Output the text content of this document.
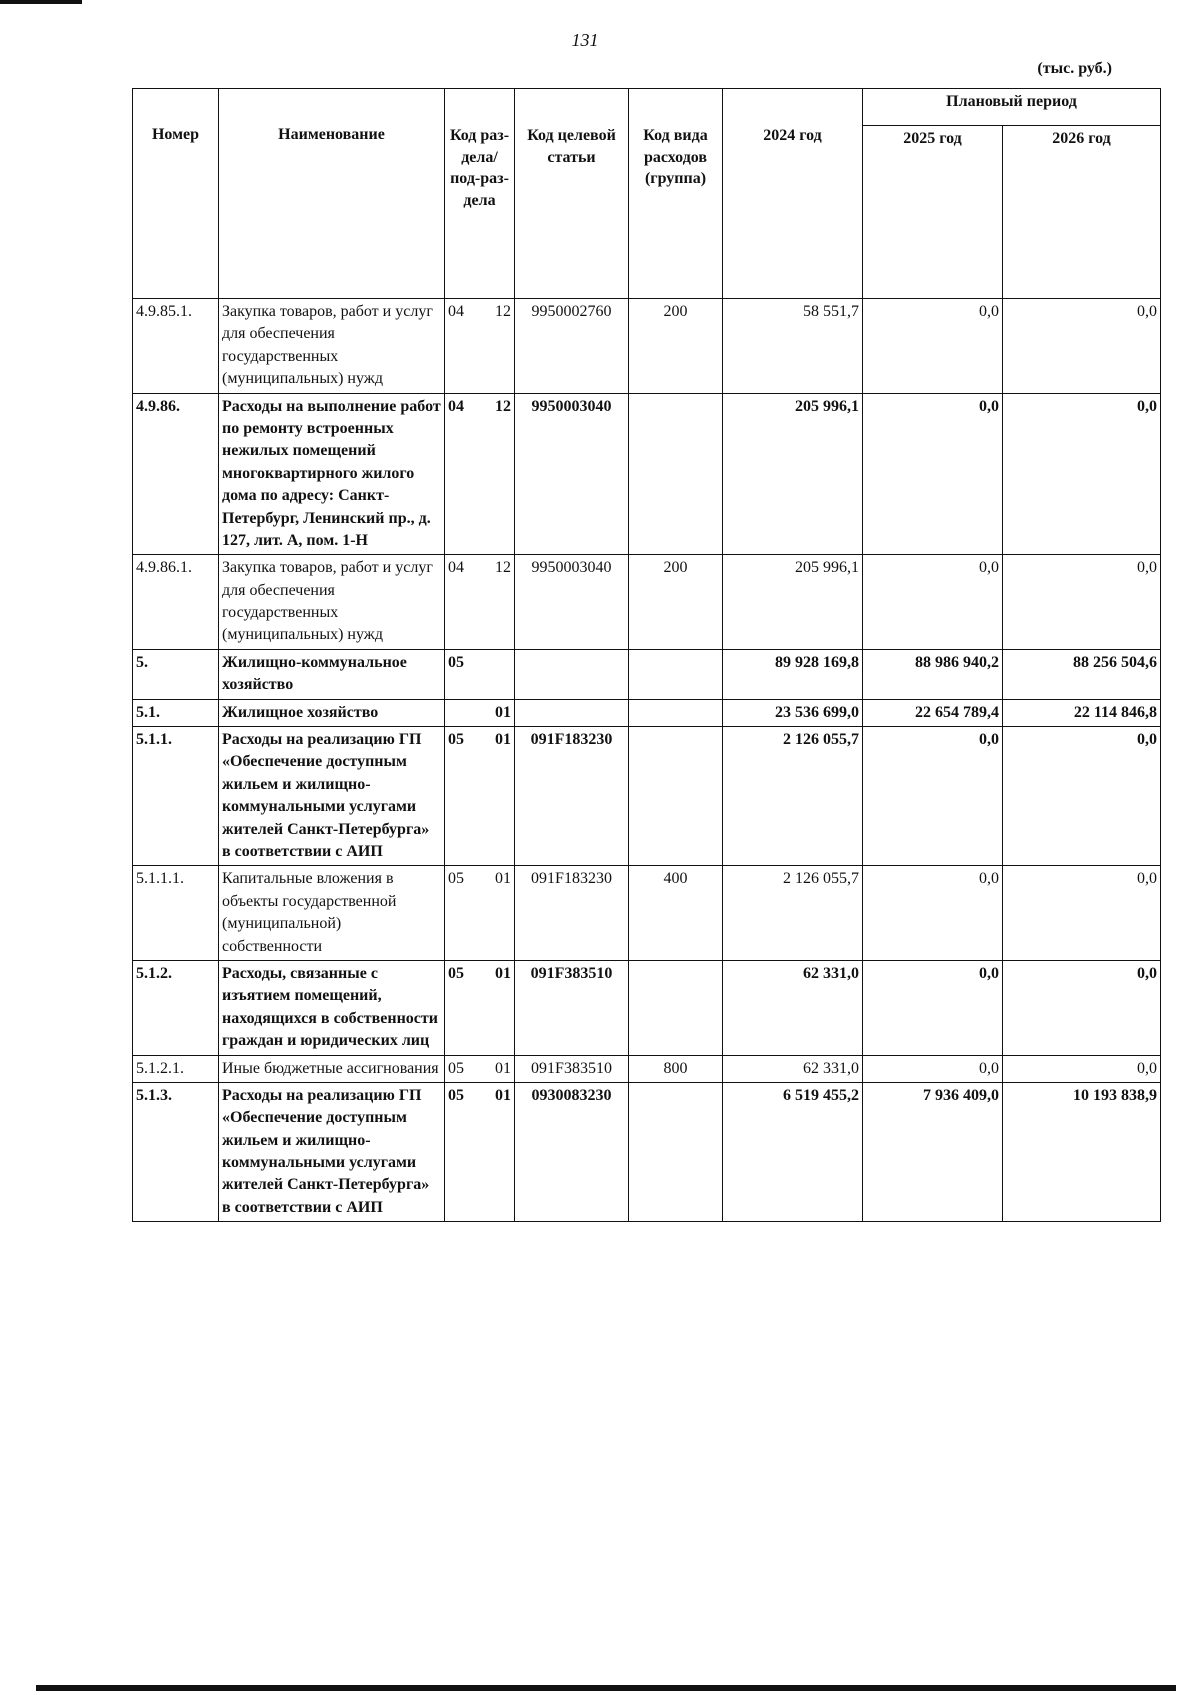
131
(тыс. руб.)
Номер	Наименование	Код раз-дела/ под-раз-дела	Код целевой статьи	Код вида расходов (группа)	2024 год	Плановый период	
						2025 год	2026 год
4.9.85.1.	Закупка товаров, работ и услуг для обеспечения государственных (муниципальных) нужд	04 12	9950002760	200	58 551,7	0,0	0,0
4.9.86.	Расходы на выполнение работ по ремонту встроенных нежилых помещений многоквартирного жилого дома по адресу: Санкт-Петербург, Ленинский пр., д. 127, лит. А, пом. 1-Н	04 12	9950003040		205 996,1	0,0	0,0
4.9.86.1.	Закупка товаров, работ и услуг для обеспечения государственных (муниципальных) нужд	04 12	9950003040	200	205 996,1	0,0	0,0
5.	Жилищно-коммунальное хозяйство	05			89 928 169,8	88 986 940,2	88 256 504,6
5.1.	Жилищное хозяйство	01			23 536 699,0	22 654 789,4	22 114 846,8
5.1.1.	Расходы на реализацию ГП «Обеспечение доступным жильем и жилищно-коммунальными услугами жителей Санкт-Петербурга» в соответствии с АИП	05 01	091F183230		2 126 055,7	0,0	0,0
5.1.1.1.	Капитальные вложения в объекты государственной (муниципальной) собственности	05 01	091F183230	400	2 126 055,7	0,0	0,0
5.1.2.	Расходы, связанные с изъятием помещений, находящихся в собственности граждан и юридических лиц	05 01	091F383510		62 331,0	0,0	0,0
5.1.2.1.	Иные бюджетные ассигнования	05 01	091F383510	800	62 331,0	0,0	0,0
5.1.3.	Расходы на реализацию ГП «Обеспечение доступным жильем и жилищно-коммунальными услугами жителей Санкт-Петербурга» в соответствии с АИП	05 01	0930083230		6 519 455,2	7 936 409,0	10 193 838,9
